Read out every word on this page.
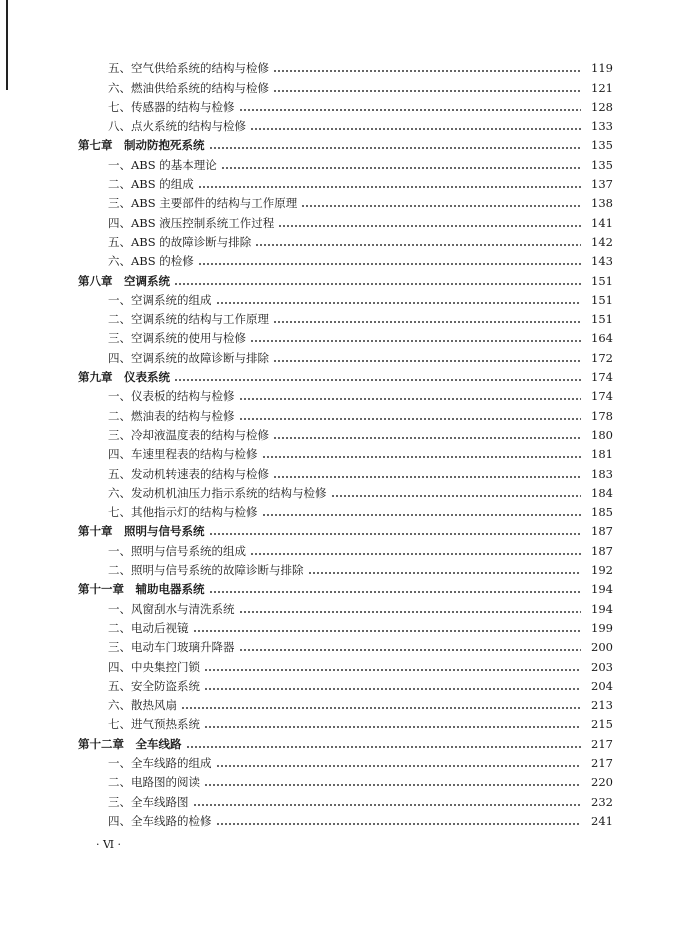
五、空气供给系统的结构与检修	119
六、燃油供给系统的结构与检修	121
七、传感器的结构与检修	128
八、点火系统的结构与检修	133
第七章　制动防抱死系统	135
一、ABS 的基本理论	135
二、ABS 的组成	137
三、ABS 主要部件的结构与工作原理	138
四、ABS 液压控制系统工作过程	141
五、ABS 的故障诊断与排除	142
六、ABS 的检修	143
第八章　空调系统	151
一、空调系统的组成	151
二、空调系统的结构与工作原理	151
三、空调系统的使用与检修	164
四、空调系统的故障诊断与排除	172
第九章　仪表系统	174
一、仪表板的结构与检修	174
二、燃油表的结构与检修	178
三、冷却液温度表的结构与检修	180
四、车速里程表的结构与检修	181
五、发动机转速表的结构与检修	183
六、发动机机油压力指示系统的结构与检修	184
七、其他指示灯的结构与检修	185
第十章　照明与信号系统	187
一、照明与信号系统的组成	187
二、照明与信号系统的故障诊断与排除	192
第十一章　辅助电器系统	194
一、风窗刮水与清洗系统	194
二、电动后视镜	199
三、电动车门玻璃升降器	200
四、中央集控门锁	203
五、安全防盗系统	204
六、散热风扇	213
七、进气预热系统	215
第十二章　全车线路	217
一、全车线路的组成	217
二、电路图的阅读	220
三、全车线路图	232
四、全车线路的检修	241
· Ⅵ ·
